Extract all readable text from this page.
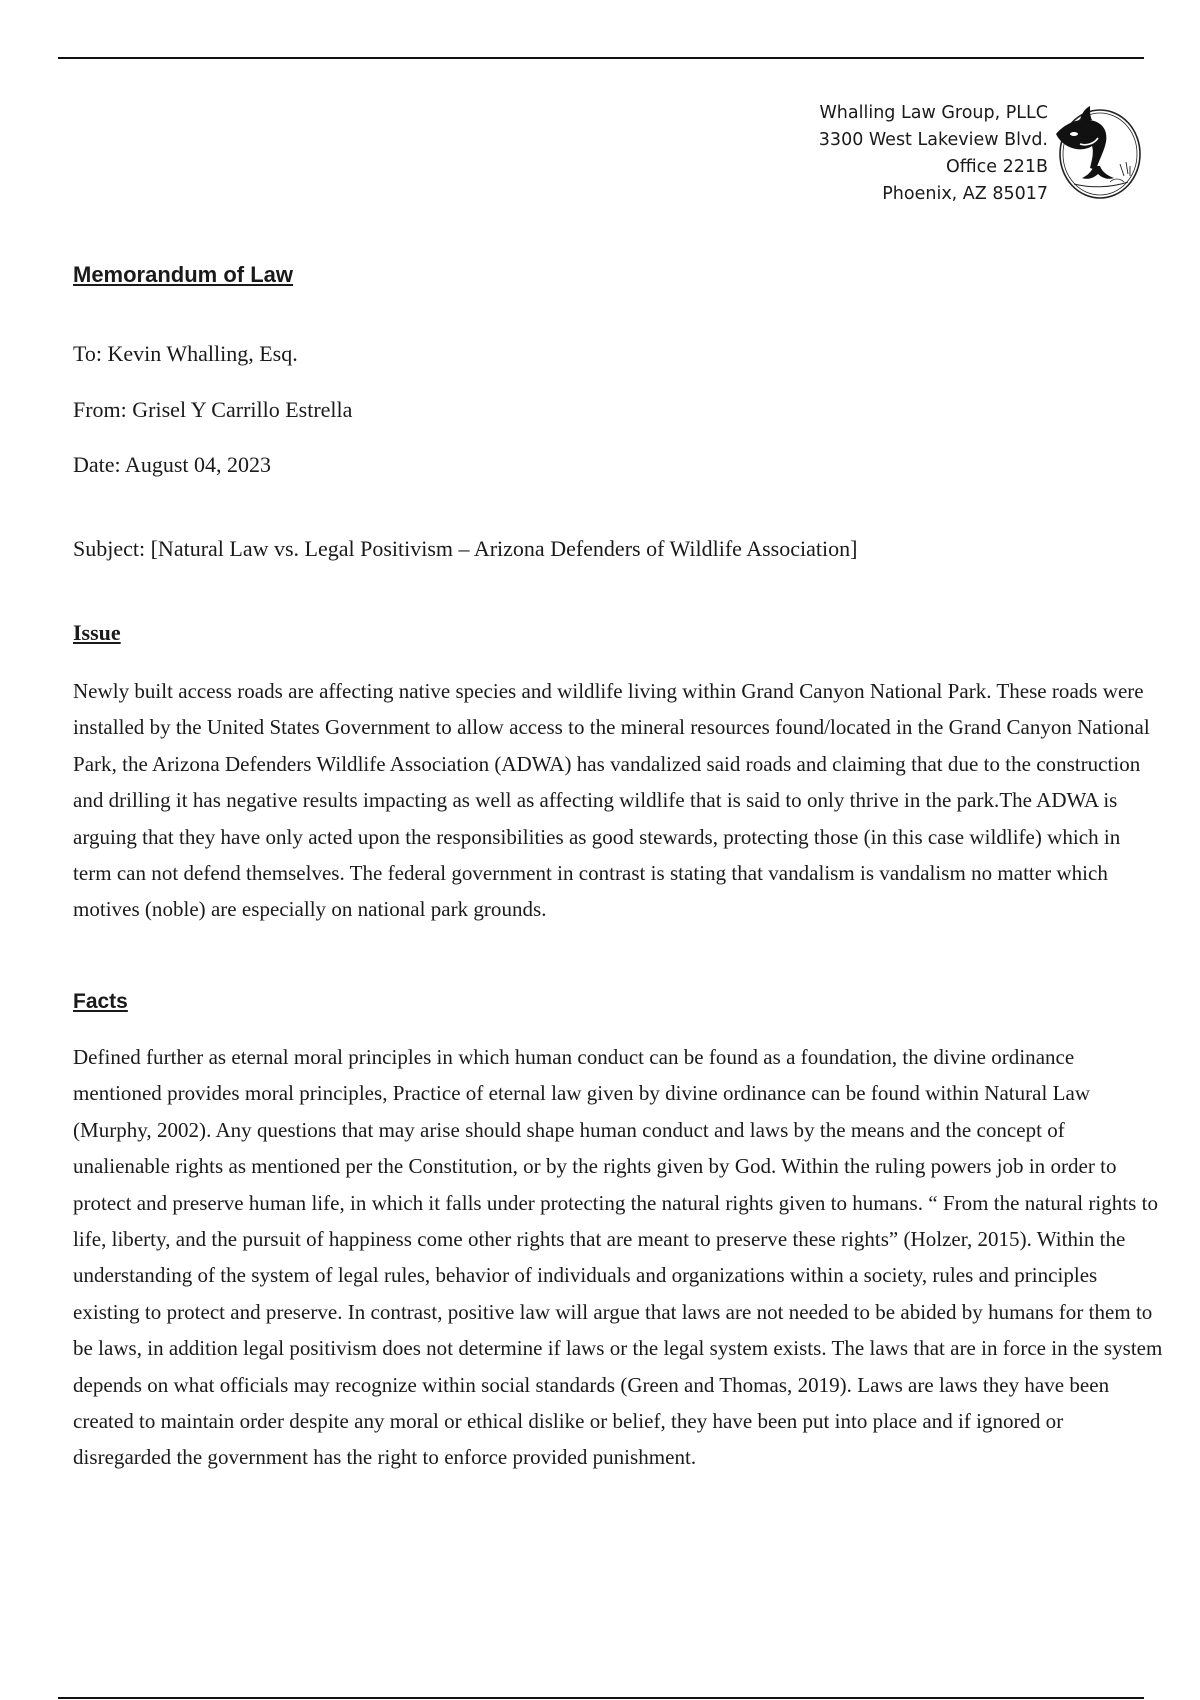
Whalling Law Group, PLLC
3300 West Lakeview Blvd.
Office 221B
Phoenix, AZ 85017

Memorandum of Law

To: Kevin Whalling, Esq.

From: Grisel Y Carrillo Estrella

Date: August 04, 2023

Subject: [Natural Law vs. Legal Positivism – Arizona Defenders of Wildlife Association]

Issue

Newly built access roads are affecting native species and wildlife living within Grand Canyon National Park. These roads were installed by the United States Government to allow access to the mineral resources found/located in the Grand Canyon National Park, the Arizona Defenders Wildlife Association (ADWA) has vandalized said roads and claiming that due to the construction and drilling it has negative results impacting as well as affecting wildlife that is said to only thrive in the park.The ADWA is arguing that they have only acted upon the responsibilities as good stewards, protecting those (in this case wildlife) which in term can not defend themselves. The federal government in contrast is stating that vandalism is vandalism no matter which motives (noble) are especially on national park grounds.

Facts

Defined further as eternal moral principles in which human conduct can be found as a foundation, the divine ordinance mentioned provides moral principles, Practice of eternal law given by divine ordinance can be found within Natural Law (Murphy, 2002). Any questions that may arise should shape human conduct and laws by the means and the concept of unalienable rights as mentioned per the Constitution, or by the rights given by God. Within the ruling powers job in order to protect and preserve human life, in which it falls under protecting the natural rights given to humans. “ From the natural rights to life, liberty, and the pursuit of happiness come other rights that are meant to preserve these rights” (Holzer, 2015). Within the understanding of the system of legal rules, behavior of individuals and organizations within a society, rules and principles existing to protect and preserve. In contrast, positive law will argue that laws are not needed to be abided by humans for them to be laws, in addition legal positivism does not determine if laws or the legal system exists. The laws that are in force in the system depends on what officials may recognize within social standards (Green and Thomas, 2019). Laws are laws they have been created to maintain order despite any moral or ethical dislike or belief, they have been put into place and if ignored or disregarded the government has the right to enforce provided punishment.
